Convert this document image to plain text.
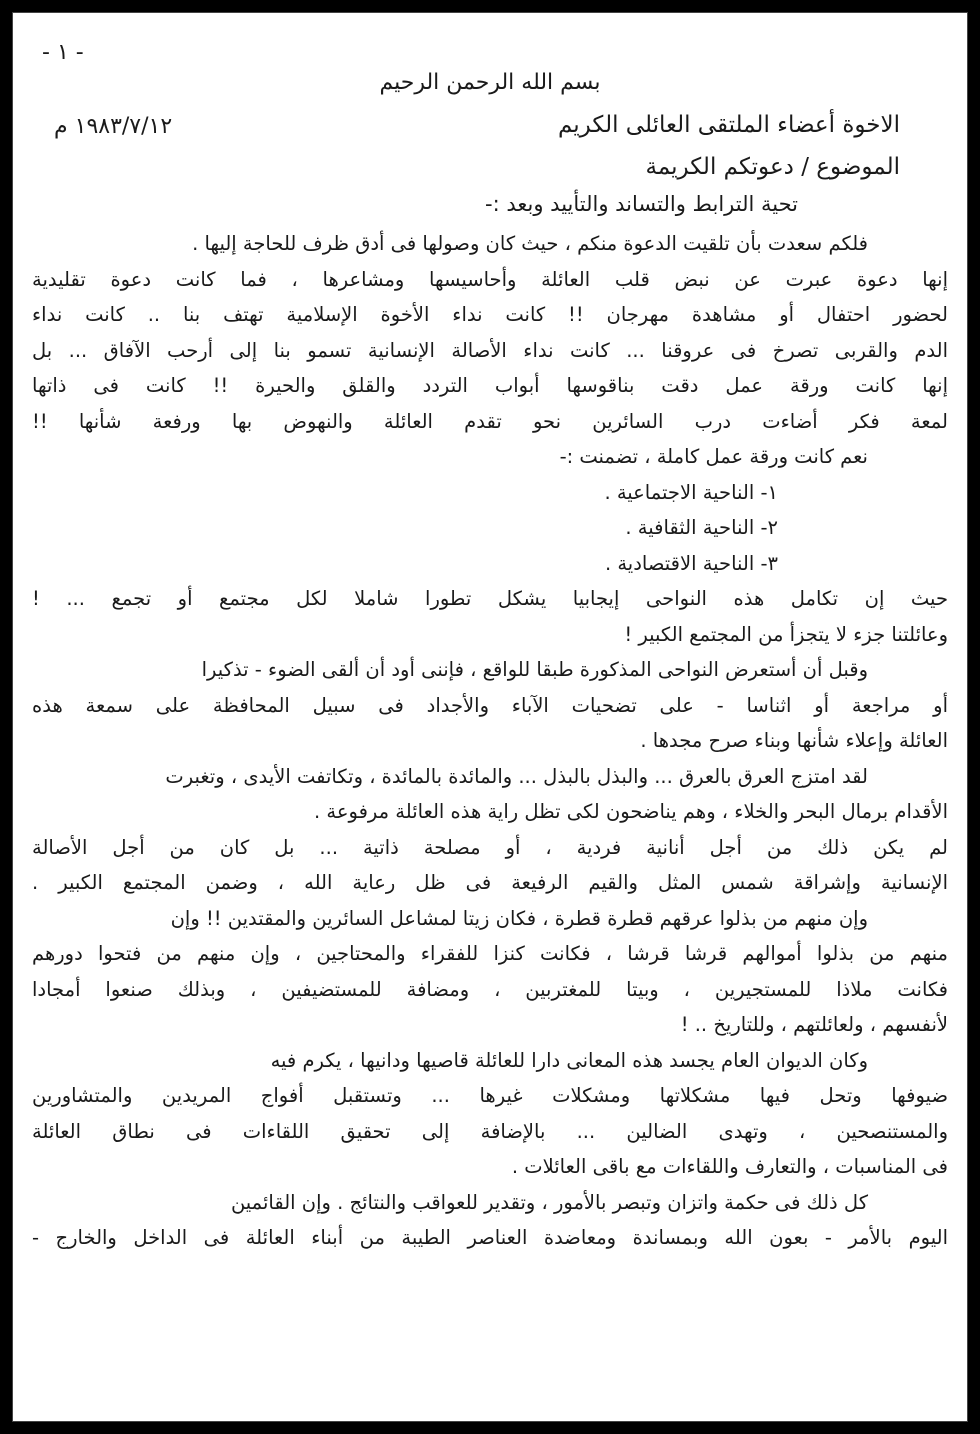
- ١ -
بسم الله الرحمن الرحيم
١٩٨٣/٧/١٢ م	الاخوة أعضاء الملتقى العائلى الكريم
الموضوع / دعوتكم الكريمة
تحية الترابط والتساند والتأييد وبعد :-
فلكم سعدت بأن تلقيت الدعوة منكم ، حيث كان وصولها فى أدق ظرف للحاجة إليها .
إنها دعوة عبرت عن نبض قلب العائلة وأحاسيسها ومشاعرها ، فما كانت دعوة تقليدية
لحضور احتفال أو مشاهدة مهرجان !! كانت نداء الأخوة الإسلامية تهتف بنا .. كانت نداء
الدم والقربى تصرخ فى عروقنا ... كانت نداء الأصالة الإنسانية تسمو بنا إلى أرحب الآفاق ... بل
إنها كانت ورقة عمل دقت بناقوسها أبواب التردد والقلق والحيرة !! كانت فى ذاتها
لمعة فكر أضاءت درب السائرين نحو تقدم العائلة والنهوض بها ورفعة شأنها !!
نعم كانت ورقة عمل كاملة ، تضمنت :-
١- الناحية الاجتماعية .
٢- الناحية الثقافية .
٣- الناحية الاقتصادية .
حيث إن تكامل هذه النواحى إيجابيا يشكل تطورا شاملا لكل مجتمع أو تجمع ... !
وعائلتنا جزء لا يتجزأ من المجتمع الكبير !
وقبل أن أستعرض النواحى المذكورة طبقا للواقع ، فإننى أود أن ألقى الضوء - تذكيرا
أو مراجعة أو اثناسا - على تضحيات الآباء والأجداد فى سبيل المحافظة على سمعة هذه
العائلة وإعلاء شأنها وبناء صرح مجدها .
لقد امتزج العرق بالعرق ... والبذل بالبذل ... والمائدة بالمائدة ، وتكاتفت الأيدى ، وتغبرت
الأقدام برمال البحر والخلاء ، وهم يناضحون لكى تظل راية هذه العائلة مرفوعة .
لم يكن ذلك من أجل أنانية فردية ، أو مصلحة ذاتية ... بل كان من أجل الأصالة
الإنسانية وإشراقة شمس المثل والقيم الرفيعة فى ظل رعاية الله ، وضمن المجتمع الكبير .
وإن منهم من بذلوا عرقهم قطرة قطرة ، فكان زيتا لمشاعل السائرين والمقتدين !! وإن
منهم من بذلوا أموالهم قرشا قرشا ، فكانت كنزا للفقراء والمحتاجين ، وإن منهم من فتحوا دورهم
فكانت ملاذا للمستجيرين ، وبيتا للمغتربين ، ومضافة للمستضيفين ، وبذلك صنعوا أمجادا
لأنفسهم ، ولعائلتهم ، وللتاريخ .. !
وكان الديوان العام يجسد هذه المعانى دارا للعائلة قاصيها ودانيها ، يكرم فيه
ضيوفها وتحل فيها مشكلاتها ومشكلات غيرها ... وتستقبل أفواج المريدين والمتشاورين
والمستنصحين ، وتهدى الضالين ... بالإضافة إلى تحقيق اللقاءات فى نطاق العائلة
فى المناسبات ، والتعارف واللقاءات مع باقى العائلات .
كل ذلك فى حكمة واتزان وتبصر بالأمور ، وتقدير للعواقب والنتائج . وإن القائمين
اليوم بالأمر - بعون الله وبمساندة ومعاضدة العناصر الطيبة من أبناء العائلة فى الداخل والخارج -
